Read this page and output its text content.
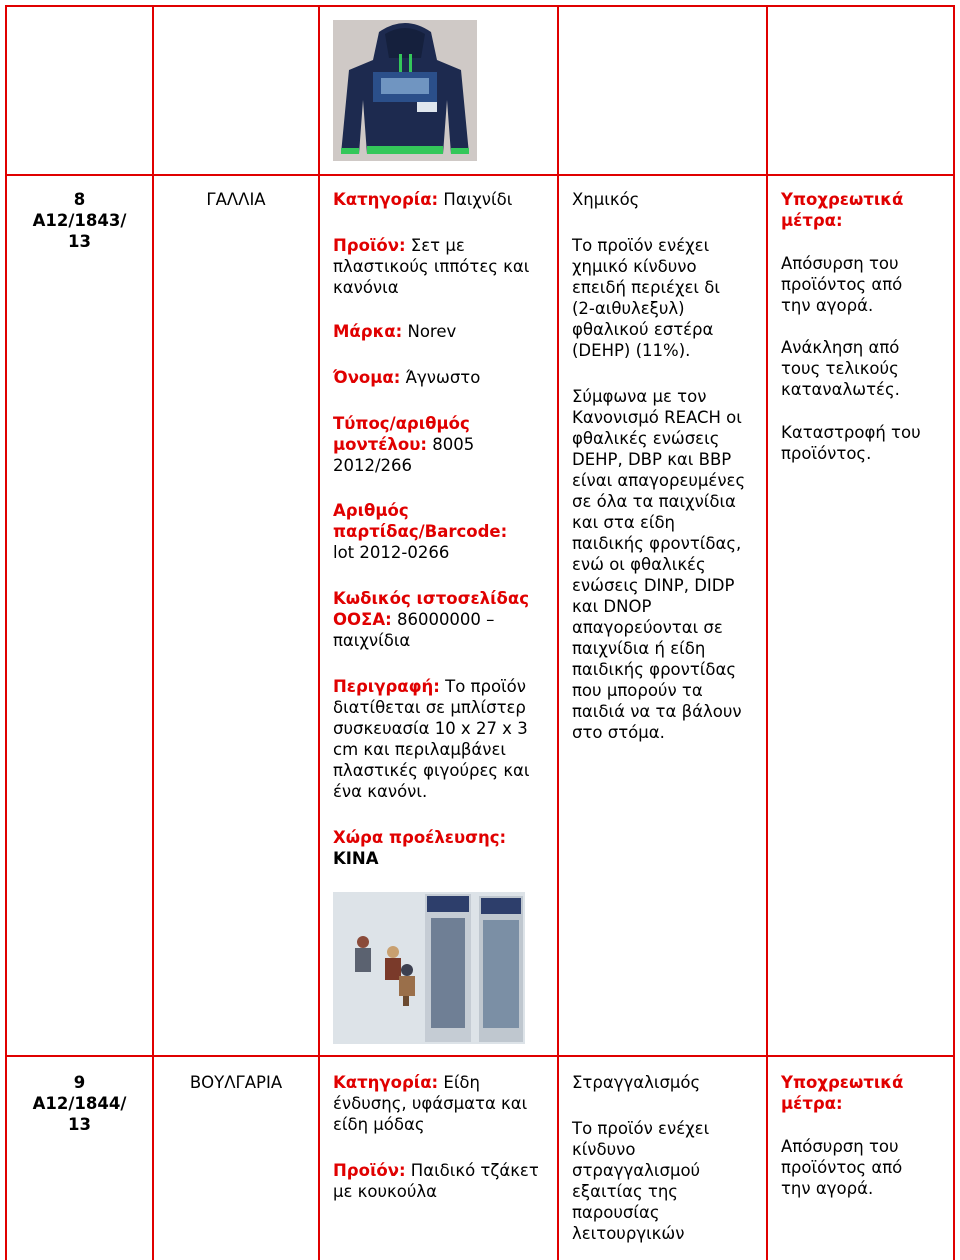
8
A12/1843/
13
ΓΑΛΛΙΑ	Κατηγορία: Παιχνίδι
Προϊόν: Σετ με
πλαστικούς ιππότες και
κανόνια
Μάρκα: Norev
Όνομα: Άγνωστο
Τύπος/αριθμός
μοντέλου: 8005
2012/266
Αριθμός
παρτίδας/Barcode:
lot 2012-0266
Κωδικός ιστοσελίδας
ΟΟΣΑ: 86000000 –
παιχνίδια
Περιγραφή: Το προϊόν
διατίθεται σε μπλίστερ
συσκευασία 10 x 27 x 3
cm και περιλαμβάνει
πλαστικές φιγούρες και
ένα κανόνι.
Χώρα προέλευσης:
ΚΙΝΑ
Χημικός
Το προϊόν ενέχει
χημικό κίνδυνο
επειδή περιέχει δι
(2-αιθυλεξυλ)
φθαλικού εστέρα
(DEHP) (11%).
Σύμφωνα με τον
Κανονισμό REACH οι
φθαλικές ενώσεις
DEHP, DBP και BBP
είναι απαγορευμένες
σε όλα τα παιχνίδια
και στα είδη
παιδικής φροντίδας,
ενώ οι φθαλικές
ενώσεις DINP, DIDP
και DNOP
απαγορεύονται σε
παιχνίδια ή είδη
παιδικής φροντίδας
που μπορούν τα
παιδιά να τα βάλουν
στο στόμα.
Υποχρεωτικά
μέτρα:
Απόσυρση του
προϊόντος από
την αγορά.
Ανάκληση από
τους τελικούς
καταναλωτές.
Καταστροφή του
προϊόντος.
9
A12/1844/
13
ΒΟΥΛΓΑΡΙΑ	Κατηγορία: Είδη
ένδυσης, υφάσματα και
είδη μόδας
Προϊόν: Παιδικό τζάκετ
με κουκούλα
Στραγγαλισμός
Το προϊόν ενέχει
κίνδυνο
στραγγαλισμού
εξαιτίας της
παρουσίας
λειτουργικών
Υποχρεωτικά
μέτρα:
Απόσυρση του
προϊόντος από
την αγορά.
